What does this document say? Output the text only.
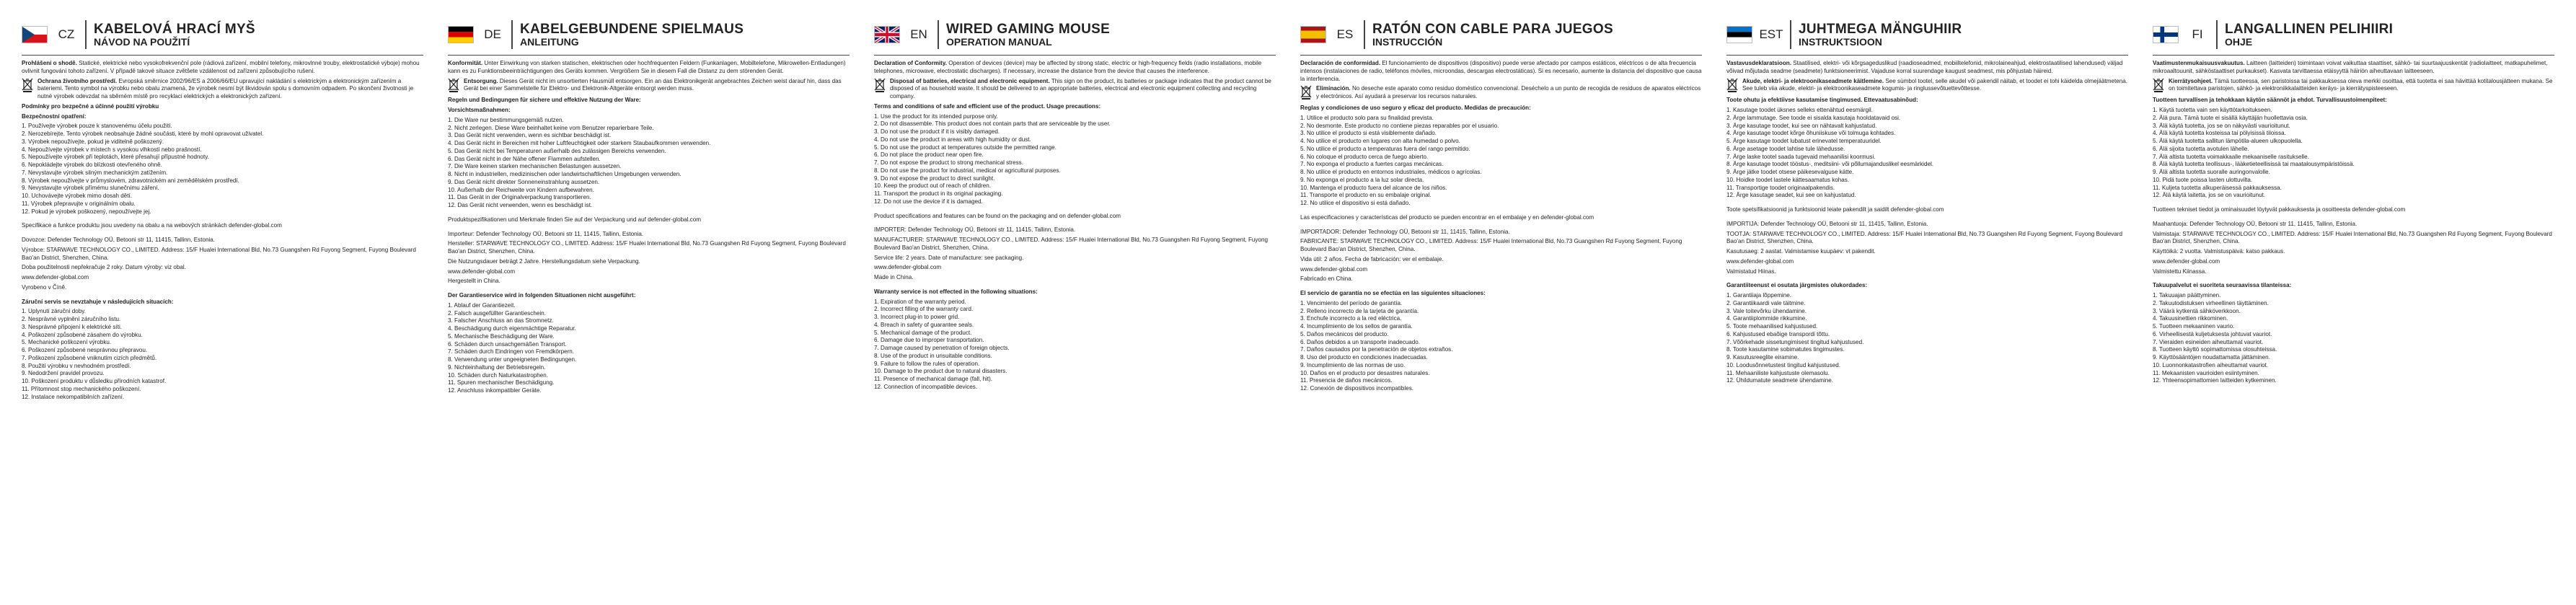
CZ	KABELOVÁ HRACÍ MYŠ
NÁVOD NA POUŽITÍ

Prohlášení o shodě. Statické, elektrické nebo vysokofrekvenční pole (rádiová zařízení, mobilní telefony, mikrovlnné trouby, elektrostatické výboje) mohou ovlivnit fungování tohoto zařízení. V případě takové situace zvětšete vzdálenost od zařízení způsobujícího rušení.

Ochrana životního prostředí. Evropská směrnice 2002/96/ES a 2006/66/EU upravující nakládání s elektrickým a elektronickým zařízením a bateriemi. Tento symbol na výrobku nebo obalu znamená, že výrobek nesmí být likvidován spolu s domovním odpadem. Po skončení životnosti je nutné výrobek odevzdat na sběrném místě pro recyklaci elektrických a elektronických zařízení.

Podmínky pro bezpečné a účinné použití výrobku

Bezpečnostní opatření:

1. Používejte výrobek pouze k stanovenému účelu použití.
2. Nerozebírejte. Tento výrobek neobsahuje žádné součásti, které by mohl opravovat uživatel.
3. Výrobek nepoužívejte, pokud je viditelně poškozený.
4. Nepoužívejte výrobek v místech s vysokou vlhkostí nebo prašností.
5. Nepoužívejte výrobek při teplotách, které přesahují přípustné hodnoty.
6. Nepokládejte výrobek do blízkosti otevřeného ohně.
7. Nevystavujte výrobek silným mechanickým zatížením.
8. Výrobek nepoužívejte v průmyslovém, zdravotnickém ani zemědělském prostředí.
9. Nevystavujte výrobek přímému slunečnímu záření.
10. Uchovávejte výrobek mimo dosah dětí.
11. Výrobek přepravujte v originálním obalu.
12. Pokud je výrobek poškozený, nepoužívejte jej.

Specifikace a funkce produktu jsou uvedeny na obalu a na webových stránkách defender-global.com

Dovozce: Defender Technology OÜ, Betooni str 11, 11415, Tallinn, Estonia.

Výrobce: STARWAVE TECHNOLOGY CO., LIMITED. Address: 15/F Hualei International Bld, No.73 Guangshen Rd Fuyong Segment, Fuyong Boulevard Bao'an District, Shenzhen, China.

Doba použitelnosti nepřekračuje 2 roky. Datum výroby: viz obal.

www.defender-global.com

Vyrobeno v Číně.

Záruční servis se nevztahuje v následujících situacích:

1. Uplynutí záruční doby.
2. Nesprávné vyplnění záručního listu.
3. Nesprávné připojení k elektrické síti.
4. Poškození způsobené zásahem do výrobku.
5. Mechanické poškození výrobku.
6. Poškození způsobené nesprávnou přepravou.
7. Poškození způsobené vniknutím cizích předmětů.
8. Použití výrobku v nevhodném prostředí.
9. Nedodržení pravidel provozu.
10. Poškození produktu v důsledku přírodních katastrof.
11. Přítomnost stop mechanického poškození.
12. Instalace nekompatibilních zařízení.
DE	KABELGEBUNDENE SPIELMAUS
ANLEITUNG

Konformität. Unter Einwirkung von starken statischen, elektrischen oder hochfrequenten Feldern (Funkanlagen, Mobiltelefone, Mikrowellen-Entladungen) kann es zu Funktionsbeeinträchtigungen des Geräts kommen. Vergrößern Sie in diesem Fall die Distanz zu dem störenden Gerät.

Entsorgung. Dieses Gerät nicht im unsortierten Hausmüll entsorgen. Ein an das Elektronikgerät angebrachtes Zeichen weist darauf hin, dass das Gerät bei einer Sammelstelle für Elektro- und Elektronik-Altgeräte entsorgt werden muss.

Regeln und Bedingungen für sichere und effektive Nutzung der Ware:

Vorsichtsmaßnahmen:

1. Die Ware nur bestimmungsgemäß nutzen.
2. Nicht zerlegen. Diese Ware beinhaltet keine vom Benutzer reparierbare Teile.
3. Das Gerät nicht verwenden, wenn es sichtbar beschädigt ist.
4. Das Gerät nicht in Bereichen mit hoher Luftfeuchtigkeit oder starkem Staubaufkommen verwenden.
5. Das Gerät nicht bei Temperaturen außerhalb des zulässigen Bereichs verwenden.
6. Das Gerät nicht in der Nähe offener Flammen aufstellen.
7. Die Ware keinen starken mechanischen Belastungen aussetzen.
8. Nicht in industriellen, medizinischen oder landwirtschaftlichen Umgebungen verwenden.
9. Das Gerät nicht direkter Sonneneinstrahlung aussetzen.
10. Außerhalb der Reichweite von Kindern aufbewahren.
11. Das Gerät in der Originalverpackung transportieren.
12. Das Gerät nicht verwenden, wenn es beschädigt ist.

Produktspezifikationen und Merkmale finden Sie auf der Verpackung und auf defender-global.com

Importeur: Defender Technology OÜ, Betooni str 11, 11415, Tallinn, Estonia.

Hersteller: STARWAVE TECHNOLOGY CO., LIMITED. Address: 15/F Hualei International Bld, No.73 Guangshen Rd Fuyong Segment, Fuyong Boulevard Bao'an District, Shenzhen, China.

Die Nutzungsdauer beträgt 2 Jahre. Herstellungsdatum siehe Verpackung.

www.defender-global.com

Hergestellt in China.

Der Garantieservice wird in folgenden Situationen nicht ausgeführt:

1. Ablauf der Garantiezeit.
2. Falsch ausgefüllter Garantieschein.
3. Falscher Anschluss an das Stromnetz.
4. Beschädigung durch eigenmächtige Reparatur.
5. Mechanische Beschädigung der Ware.
6. Schäden durch unsachgemäßen Transport.
7. Schäden durch Eindringen von Fremdkörpern.
8. Verwendung unter ungeeigneten Bedingungen.
9. Nichteinhaltung der Betriebsregeln.
10. Schäden durch Naturkatastrophen.
11. Spuren mechanischer Beschädigung.
12. Anschluss inkompatibler Geräte.
EN	WIRED GAMING MOUSE
OPERATION MANUAL

Declaration of Conformity. Operation of devices (device) may be affected by strong static, electric or high-frequency fields (radio installations, mobile telephones, microwave, electrostatic discharges). If necessary, increase the distance from the device that causes the interference.

Disposal of batteries, electrical and electronic equipment. This sign on the product, its batteries or package indicates that the product cannot be disposed of as household waste. It should be delivered to an appropriate batteries, electrical and electronic equipment collecting and recycling company.

Terms and conditions of safe and efficient use of the product. Usage precautions:

1. Use the product for its intended purpose only.
2. Do not disassemble. This product does not contain parts that are serviceable by the user.
3. Do not use the product if it is visibly damaged.
4. Do not use the product in areas with high humidity or dust.
5. Do not use the product at temperatures outside the permitted range.
6. Do not place the product near open fire.
7. Do not expose the product to strong mechanical stress.
8. Do not use the product for industrial, medical or agricultural purposes.
9. Do not expose the product to direct sunlight.
10. Keep the product out of reach of children.
11. Transport the product in its original packaging.
12. Do not use the device if it is damaged.

Product specifications and features can be found on the packaging and on defender-global.com

IMPORTER: Defender Technology OÜ, Betooni str 11, 11415, Tallinn, Estonia.

MANUFACTURER: STARWAVE TECHNOLOGY CO., LIMITED. Address: 15/F Hualei International Bld, No.73 Guangshen Rd Fuyong Segment, Fuyong Boulevard Bao'an District, Shenzhen, China.

Service life: 2 years. Date of manufacture: see packaging.

www.defender-global.com

Made in China.

Warranty service is not effected in the following situations:

1. Expiration of the warranty period.
2. Incorrect filling of the warranty card.
3. Incorrect plug-in to power grid.
4. Breach in safety of guarantee seals.
5. Mechanical damage of the product.
6. Damage due to improper transportation.
7. Damage caused by penetration of foreign objects.
8. Use of the product in unsuitable conditions.
9. Failure to follow the rules of operation.
10. Damage to the product due to natural disasters.
11. Presence of mechanical damage (fall, hit).
12. Connection of incompatible devices.
ES	RATÓN CON CABLE PARA JUEGOS
INSTRUCCIÓN

Declaración de conformidad. El funcionamiento de dispositivos (dispositivo) puede verse afectado por campos estáticos, eléctricos o de alta frecuencia intensos (instalaciones de radio, teléfonos móviles, microondas, descargas electrostáticas). Si es necesario, aumente la distancia del dispositivo que causa la interferencia.

Eliminación. No deseche este aparato como residuo doméstico convencional. Deséchelo a un punto de recogida de residuos de aparatos eléctricos y electrónicos. Así ayudará a preservar los recursos naturales.

Reglas y condiciones de uso seguro y eficaz del producto. Medidas de precaución:

1. Utilice el producto solo para su finalidad prevista.
2. No desmonte. Este producto no contiene piezas reparables por el usuario.
3. No utilice el producto si está visiblemente dañado.
4. No utilice el producto en lugares con alta humedad o polvo.
5. No utilice el producto a temperaturas fuera del rango permitido.
6. No coloque el producto cerca de fuego abierto.
7. No exponga el producto a fuertes cargas mecánicas.
8. No utilice el producto en entornos industriales, médicos o agrícolas.
9. No exponga el producto a la luz solar directa.
10. Mantenga el producto fuera del alcance de los niños.
11. Transporte el producto en su embalaje original.
12. No utilice el dispositivo si está dañado.

Las especificaciones y características del producto se pueden encontrar en el embalaje y en defender-global.com

IMPORTADOR: Defender Technology OÜ, Betooni str 11, 11415, Tallinn, Estonia.

FABRICANTE: STARWAVE TECHNOLOGY CO., LIMITED. Address: 15/F Hualei International Bld, No.73 Guangshen Rd Fuyong Segment, Fuyong Boulevard Bao'an District, Shenzhen, China.

Vida útil: 2 años. Fecha de fabricación: ver el embalaje.

www.defender-global.com

Fabricado en China.

El servicio de garantía no se efectúa en las siguientes situaciones:

1. Vencimiento del período de garantía.
2. Relleno incorrecto de la tarjeta de garantía.
3. Enchufe incorrecto a la red eléctrica.
4. Incumplimiento de los sellos de garantía.
5. Daños mecánicos del producto.
6. Daños debidos a un transporte inadecuado.
7. Daños causados por la penetración de objetos extraños.
8. Uso del producto en condiciones inadecuadas.
9. Incumplimiento de las normas de uso.
10. Daños en el producto por desastres naturales.
11. Presencia de daños mecánicos.
12. Conexión de dispositivos incompatibles.
EST	JUHTMEGA MÄNGUHIIR
INSTRUKTSIOON

Vastavusdeklaratsioon. Staatilised, elektri- või kõrgsageduslikud (raadioseadmed, mobiiltelefonid, mikrolaineahjud, elektrostaatilised lahendused) väljad võivad mõjutada seadme (seadmete) funktsioneerimist. Vajaduse korral suurendage kaugust seadmest, mis põhjustab häireid.

Akude, elektri- ja elektroonikaseadmete käitlemine. See sümbol tootel, selle akudel või pakendil näitab, et toodet ei tohi käidelda olmejäätmetena. See tuleb viia akude, elektri- ja elektroonikaseadmete kogumis- ja ringlussevõtuettevõttesse.

Toote ohutu ja efektiivse kasutamise tingimused. Ettevaatusabinõud:

1. Kasutage toodet üksnes selleks ettenähtud eesmärgil.
2. Ärge lammutage. See toode ei sisalda kasutaja hooldatavaid osi.
3. Ärge kasutage toodet, kui see on nähtavalt kahjustatud.
4. Ärge kasutage toodet kõrge õhuniiskuse või tolmuga kohtades.
5. Ärge kasutage toodet lubatust erinevatel temperatuuridel.
6. Ärge asetage toodet lahtise tule lähedusse.
7. Ärge laske tootel saada tugevaid mehaanilisi koormusi.
8. Ärge kasutage toodet tööstus-, meditsiini- või põllumajanduslikel eesmärkidel.
9. Ärge jätke toodet otsese päikesevalguse kätte.
10. Hoidke toodet lastele kättesaamatus kohas.
11. Transportige toodet originaalpakendis.
12. Ärge kasutage seadet, kui see on kahjustatud.

Toote spetsifikatsioonid ja funktsioonid leiate pakendilt ja saidilt defender-global.com

IMPORTIJA: Defender Technology OÜ, Betooni str 11, 11415, Tallinn, Estonia.

TOOTJA: STARWAVE TECHNOLOGY CO., LIMITED. Address: 15/F Hualei International Bld, No.73 Guangshen Rd Fuyong Segment, Fuyong Boulevard Bao'an District, Shenzhen, China.

Kasutusaeg: 2 aastat. Valmistamise kuupäev: vt pakendit.

www.defender-global.com

Valmistatud Hiinas.

Garantiiteenust ei osutata järgmistes olukordades:

1. Garantiiaja lõppemine.
2. Garantiikaardi vale täitmine.
3. Vale toitevõrku ühendamine.
4. Garantiiplommide rikkumine.
5. Toote mehaanilised kahjustused.
6. Kahjustused ebaõige transpordi tõttu.
7. Võõrkehade sissetungimisest tingitud kahjustused.
8. Toote kasutamine sobimatutes tingimustes.
9. Kasutusreeglite eiramine.
10. Loodusõnnetustest tingitud kahjustused.
11. Mehaaniliste kahjustuste olemasolu.
12. Ühildumatute seadmete ühendamine.
FI	LANGALLINEN PELIHIIRI
OHJE

Vaatimustenmukaisuusvakuutus. Laitteen (laitteiden) toimintaan voivat vaikuttaa staattiset, sähkö- tai suurtaajuuskentät (radiolaitteet, matkapuhelimet, mikroaaltouunit, sähköstaattiset purkaukset). Kasvata tarvittaessa etäisyyttä häiriön aiheuttavaan laitteeseen.

Kierrätysohjeet. Tämä tuotteessa, sen paristoissa tai pakkauksessa oleva merkki osoittaa, että tuotetta ei saa hävittää kotitalousjätteen mukana. Se on toimitettava paristojen, sähkö- ja elektroniikkalaitteiden keräys- ja kierrätyspisteeseen.

Tuotteen turvallisen ja tehokkaan käytön säännöt ja ehdot. Turvallisuustoimenpiteet:

1. Käytä tuotetta vain sen käyttötarkoitukseen.
2. Älä pura. Tämä tuote ei sisällä käyttäjän huollettavia osia.
3. Älä käytä tuotetta, jos se on näkyvästi vaurioitunut.
4. Älä käytä tuotetta kosteissa tai pölyisissä tiloissa.
5. Älä käytä tuotetta sallitun lämpötila-alueen ulkopuolella.
6. Älä sijoita tuotetta avotulen lähelle.
7. Älä altista tuotetta voimakkaalle mekaaniselle rasitukselle.
8. Älä käytä tuotetta teollisuus-, lääketieteellisissä tai maatalousympäristöissä.
9. Älä altista tuotetta suoralle auringonvalolle.
10. Pidä tuote poissa lasten ulottuvilta.
11. Kuljeta tuotetta alkuperäisessä pakkauksessa.
12. Älä käytä laitetta, jos se on vaurioitunut.

Tuotteen tekniset tiedot ja ominaisuudet löytyvät pakkauksesta ja osoitteesta defender-global.com

Maahantuoja: Defender Technology OÜ, Betooni str 11, 11415, Tallinn, Estonia.

Valmistaja: STARWAVE TECHNOLOGY CO., LIMITED. Address: 15/F Hualei International Bld, No.73 Guangshen Rd Fuyong Segment, Fuyong Boulevard Bao'an District, Shenzhen, China.

Käyttöikä: 2 vuotta. Valmistuspäivä: katso pakkaus.

www.defender-global.com

Valmistettu Kiinassa.

Takuupalvelut ei suoriteta seuraavissa tilanteissa:

1. Takuuajan päättyminen.
2. Takuutodistuksen virheellinen täyttäminen.
3. Väärä kytkentä sähköverkkoon.
4. Takuusinettien rikkominen.
5. Tuotteen mekaaninen vaurio.
6. Virheellisestä kuljetuksesta johtuvat vauriot.
7. Vieraiden esineiden aiheuttamat vauriot.
8. Tuotteen käyttö sopimattomissa olosuhteissa.
9. Käyttösääntöjen noudattamatta jättäminen.
10. Luonnonkatastrofien aiheuttamat vauriot.
11. Mekaanisten vaurioiden esiintyminen.
12. Yhteensopimattomien laitteiden kytkeminen.
